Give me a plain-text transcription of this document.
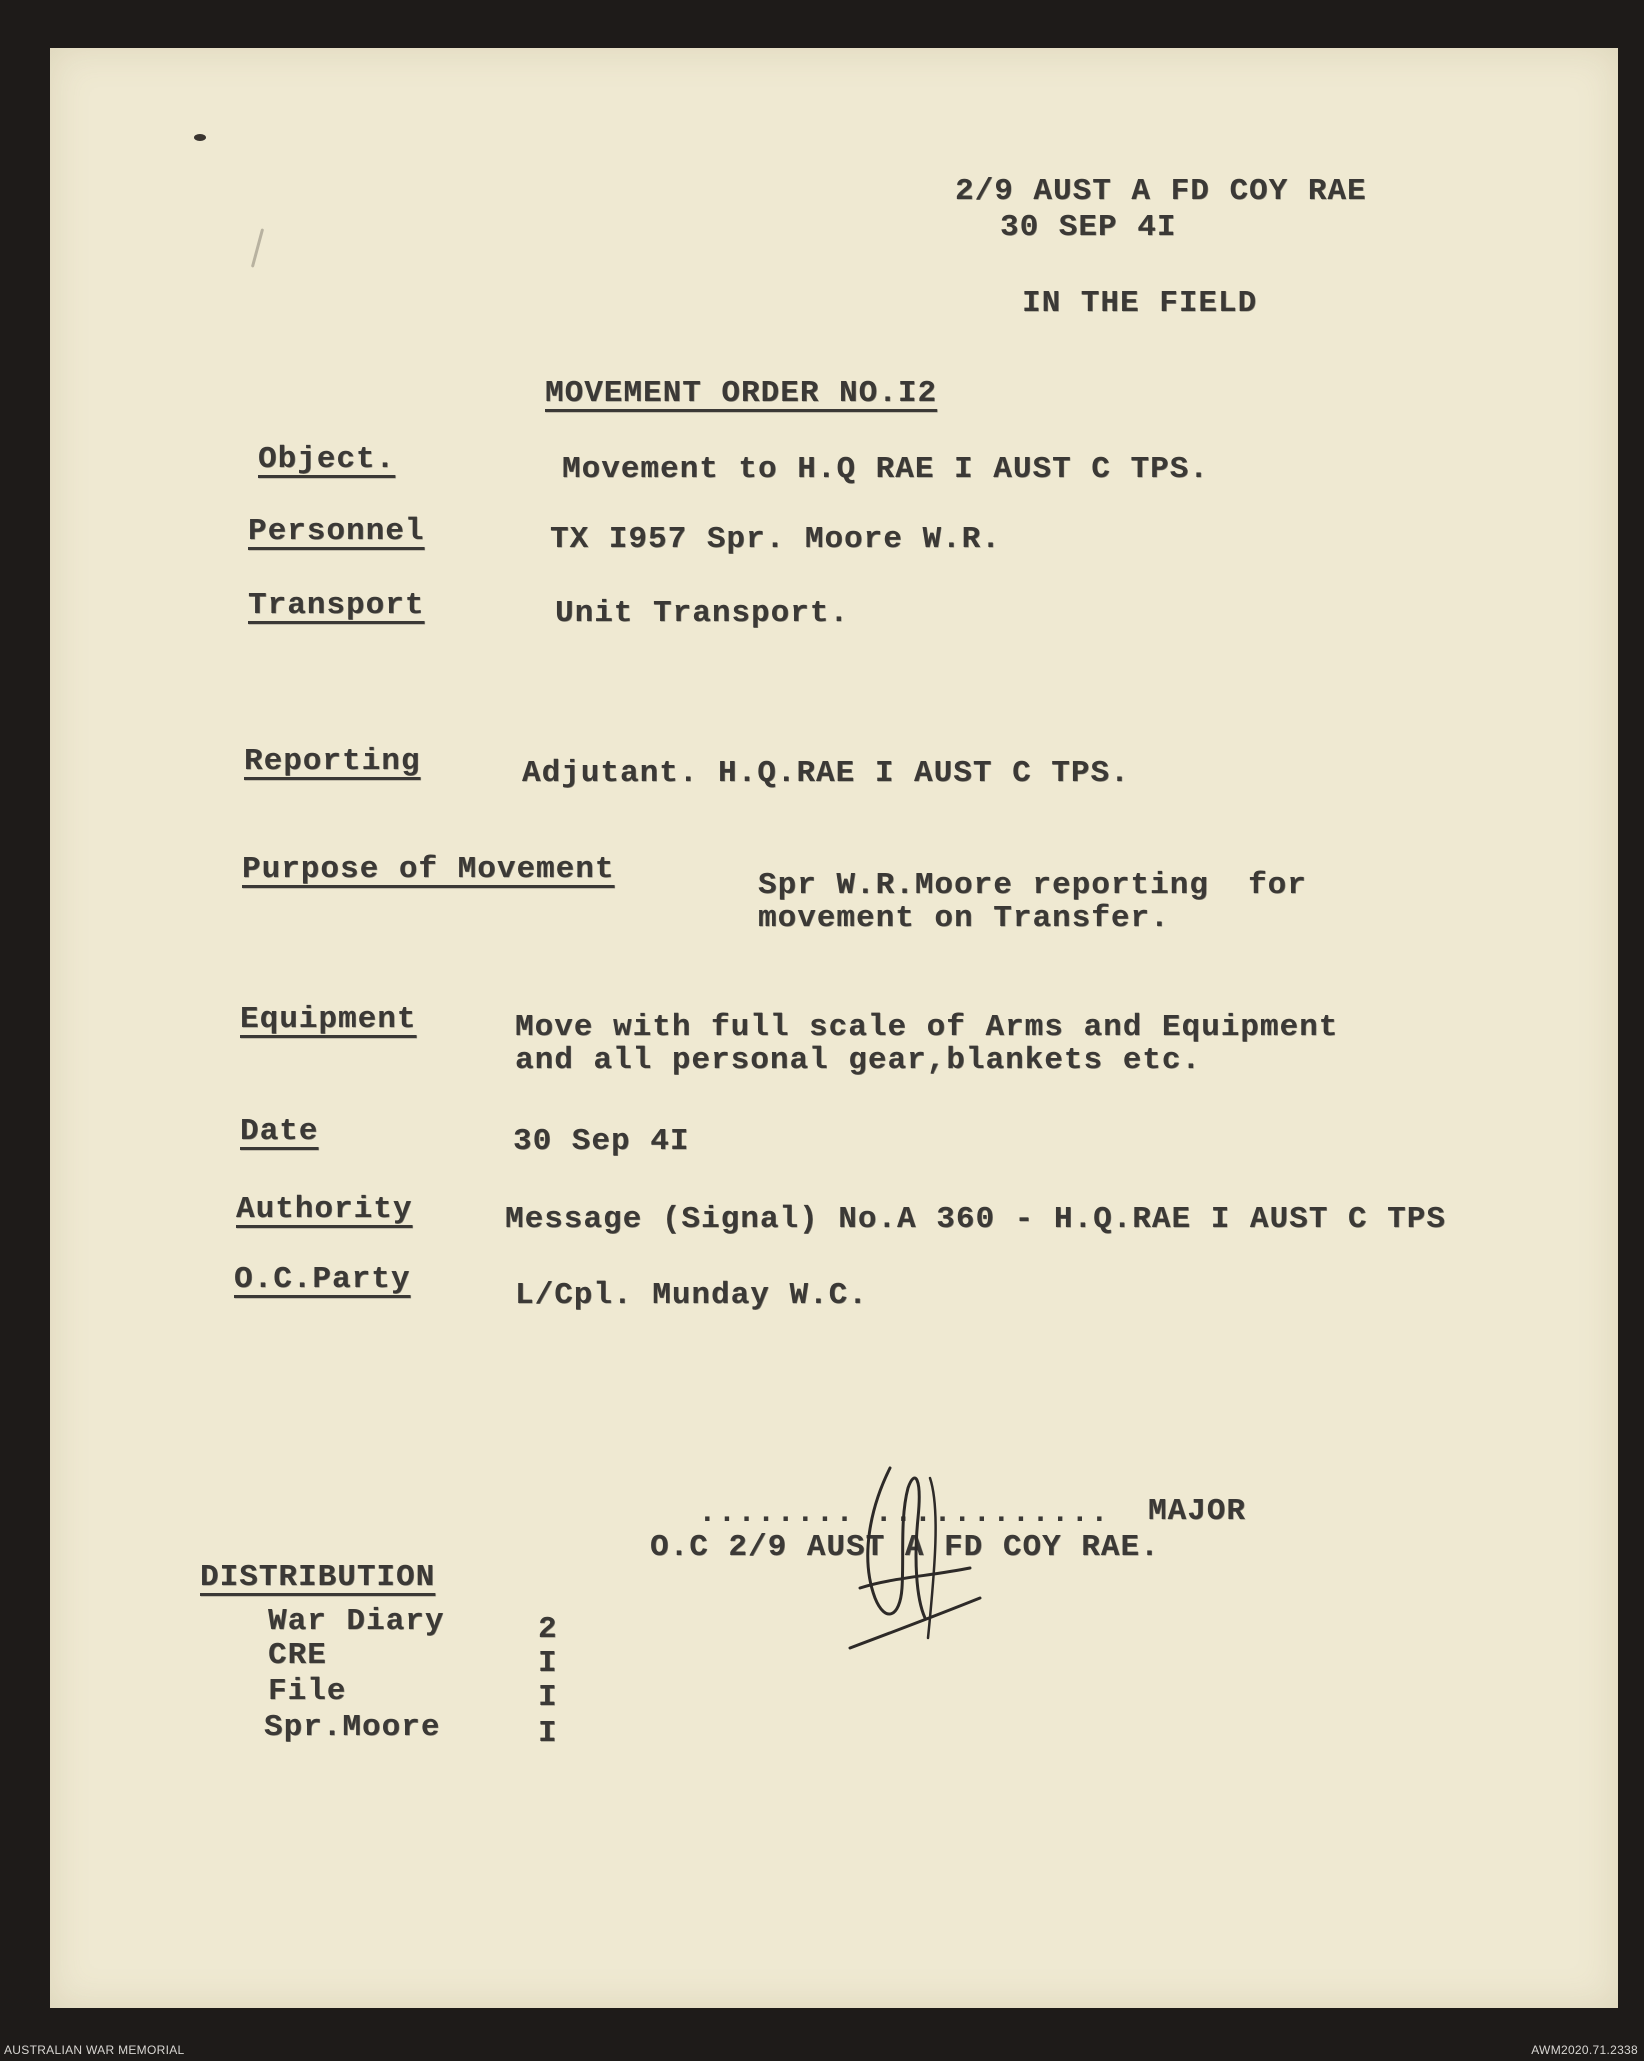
2/9 AUST A FD COY RAE
30 SEP 4I
IN THE FIELD
MOVEMENT ORDER NO.I2
Object.	Movement to H.Q RAE I AUST C TPS.
Personnel	TX I957 Spr. Moore W.R.
Transport	Unit Transport.
Reporting	Adjutant. H.Q.RAE I AUST C TPS.
Purpose of Movement	Spr W.R.Moore reporting  for
movement on Transfer.
Equipment	Move with full scale of Arms and Equipment
and all personal gear,blankets etc.
Date	30 Sep 4I
Authority	Message (Signal) No.A 360 - H.Q.RAE I AUST C TPS
O.C.Party	L/Cpl. Munday W.C.
........ ............ MAJOR
O.C 2/9 AUST A FD COY RAE.
DISTRIBUTION
War Diary	2
CRE	I
File	I
Spr.Moore	I
AUSTRALIAN WAR MEMORIAL	AWM2020.71.2338
